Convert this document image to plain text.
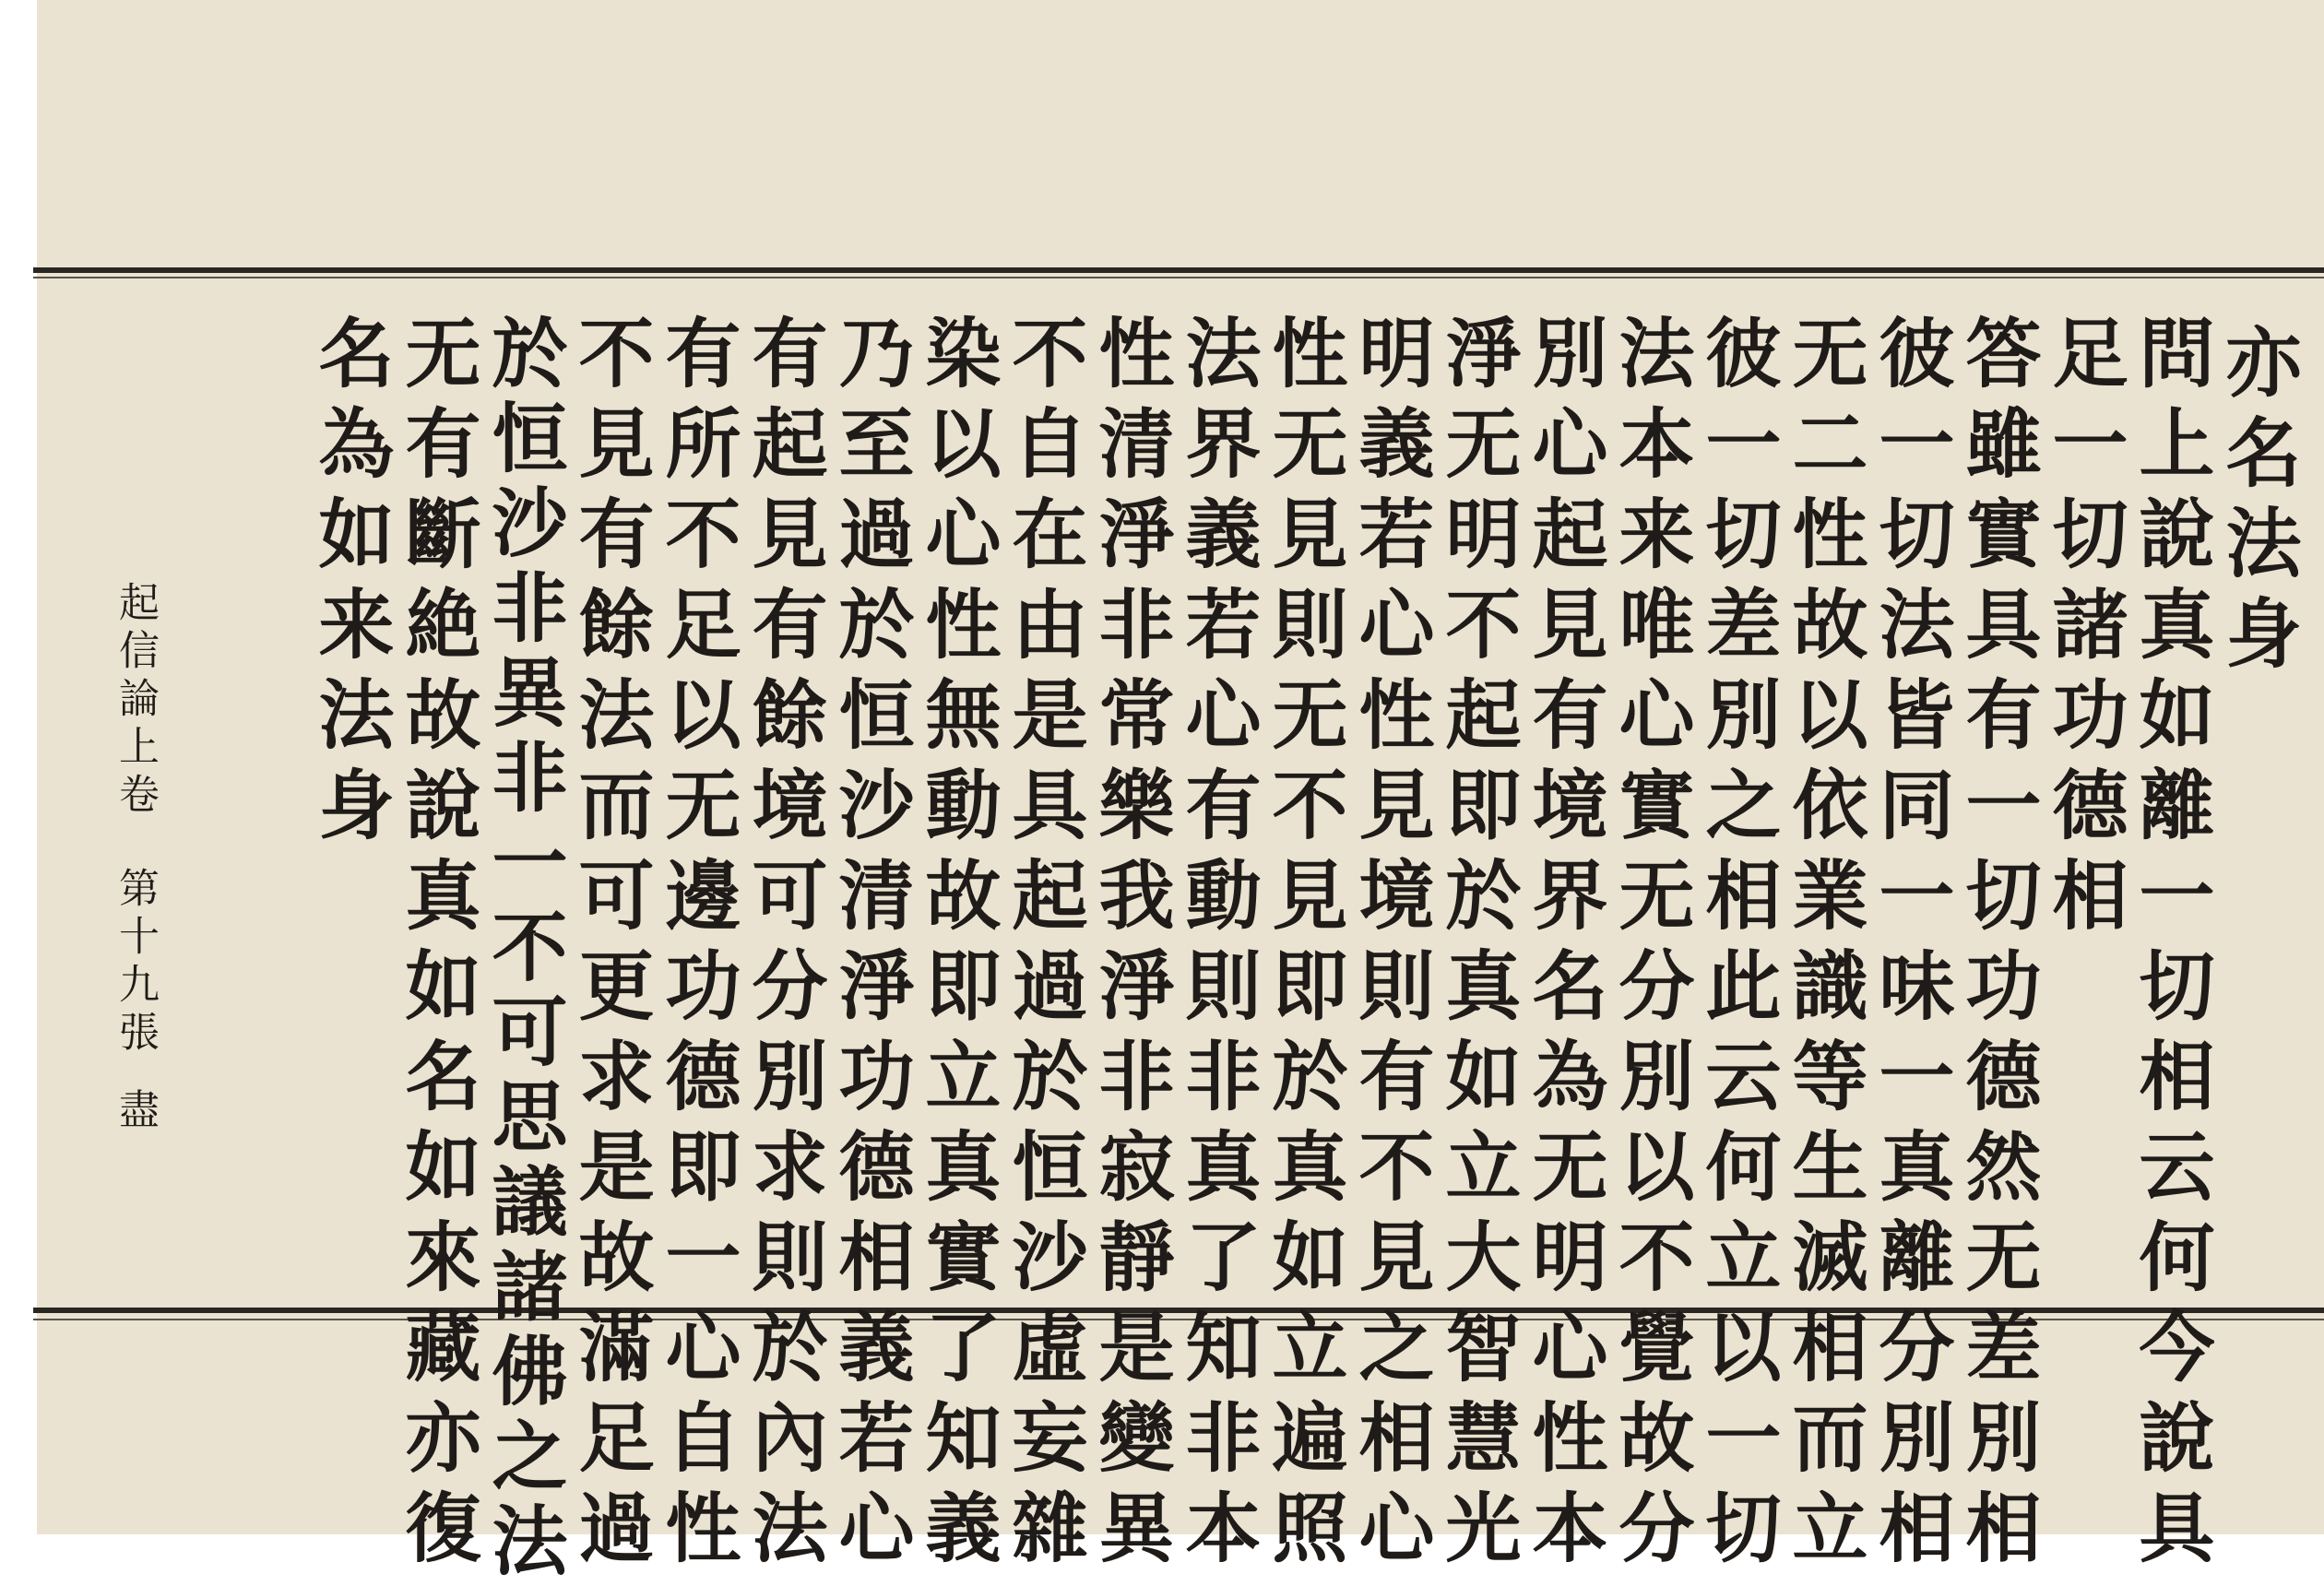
亦名法身
問上說真如離一切相云何今說具
足一切諸功德相
答雖實具有一切功德然无差別相
彼一切法皆同一味一真離分別相
无二性故以依業識等生滅相而立
彼一切差別之相此云何立以一切
法本来唯心實无分別以不覺故分
別心起見有境界名為无明心性本
淨无明不起即於真如立大智慧光
明義若心性見境則有不見之相心
性无見則无不見即於真如立遍照
法界義若心有動則非真了知非本
性清淨非常樂我淨非寂靜是變異
不自在由是具起過於恒沙虛妄雜
染以心性無動故即立真實了知義
乃至過於恒沙清淨功德相義若心
有起見有餘境可分別求則於內法
有所不足以无邊功德即一心自性
不見有餘法而可更求是故滿足過
於恒沙非異非一不可思議諸佛之法
无有斷絶故說真如名如來藏亦復
名為如来法身
起信論上卷
第十九張
盡
